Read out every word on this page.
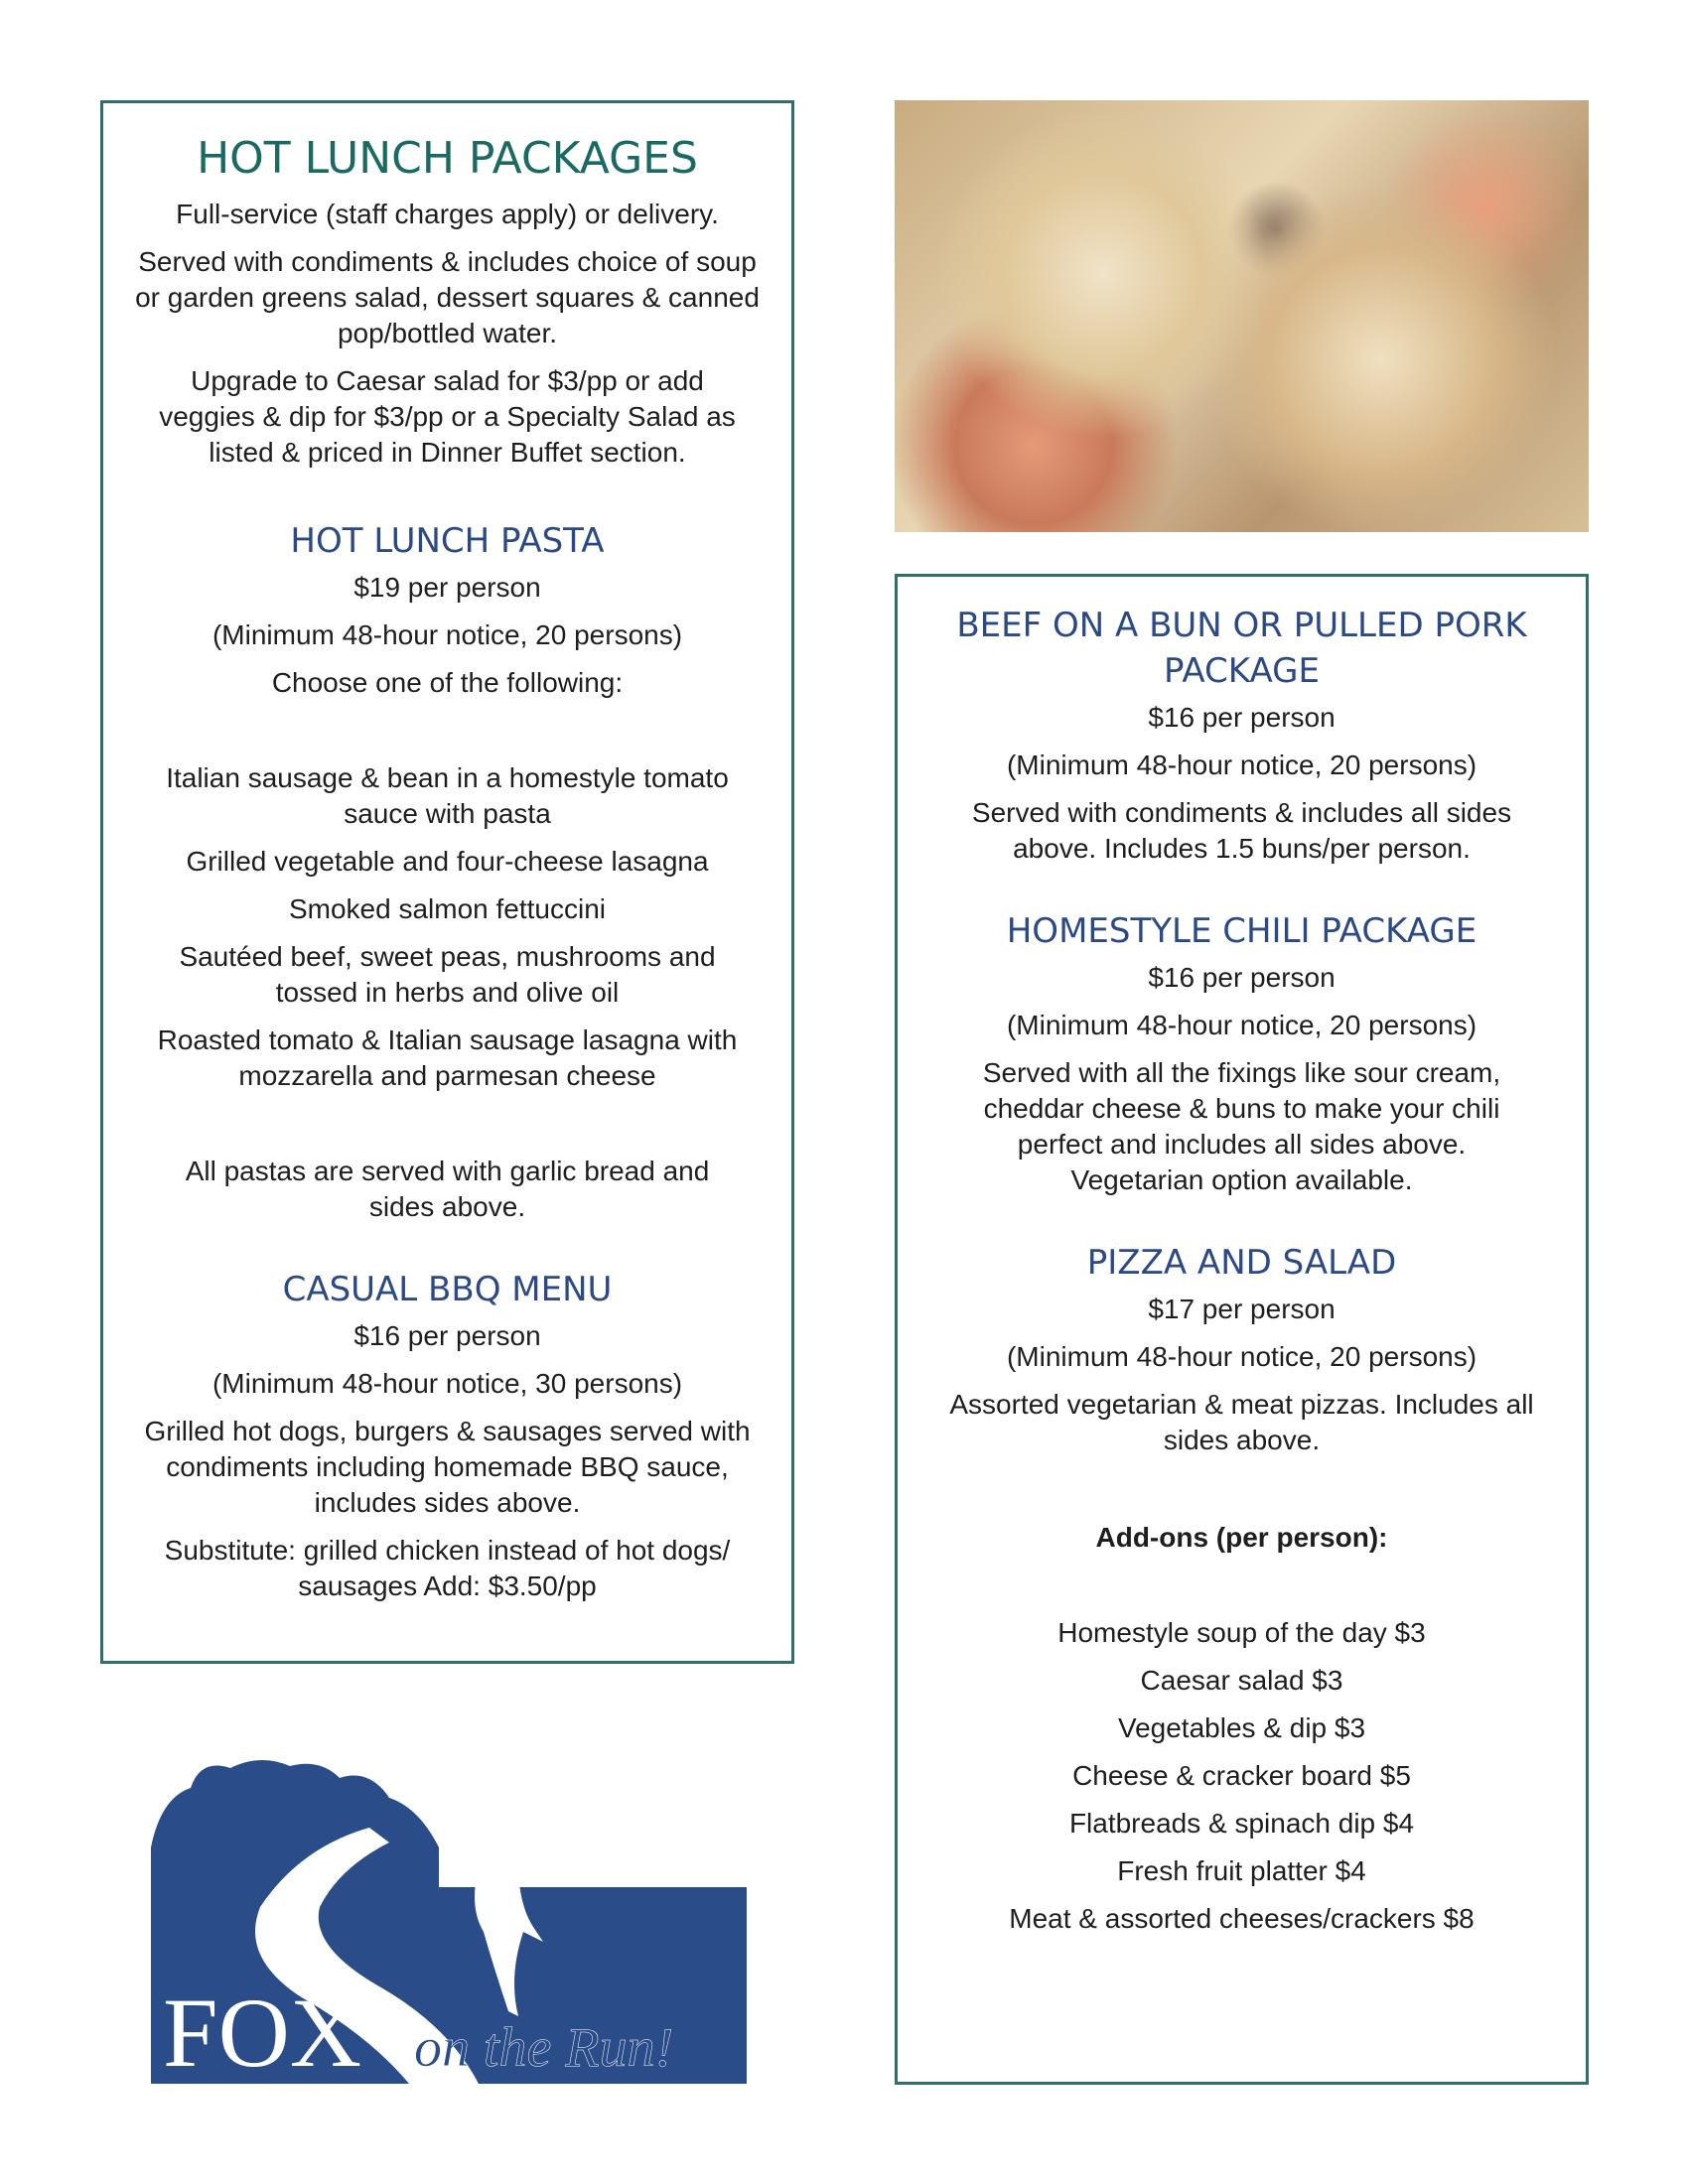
HOT LUNCH PACKAGES

Full-service (staff charges apply) or delivery.

Served with condiments & includes choice of soup or garden greens salad, dessert squares & canned pop/bottled water.

Upgrade to Caesar salad for $3/pp or add veggies & dip for $3/pp or a Specialty Salad as listed & priced in Dinner Buffet section.

HOT LUNCH PASTA

$19 per person

(Minimum 48-hour notice, 20 persons)

Choose one of the following:

Italian sausage & bean in a homestyle tomato sauce with pasta

Grilled vegetable and four-cheese lasagna

Smoked salmon fettuccini

Sautéed beef, sweet peas, mushrooms and tossed in herbs and olive oil

Roasted tomato & Italian sausage lasagna with mozzarella and parmesan cheese

All pastas are served with garlic bread and sides above.

CASUAL BBQ MENU

$16 per person

(Minimum 48-hour notice, 30 persons)

Grilled hot dogs, burgers & sausages served with condiments including homemade BBQ sauce, includes sides above.

Substitute: grilled chicken instead of hot dogs/ sausages Add: $3.50/pp

BEEF ON A BUN OR PULLED PORK PACKAGE

$16 per person

(Minimum 48-hour notice, 20 persons)

Served with condiments & includes all sides above. Includes 1.5 buns/per person.

HOMESTYLE CHILI PACKAGE

$16 per person

(Minimum 48-hour notice, 20 persons)

Served with all the fixings like sour cream, cheddar cheese & buns to make your chili perfect and includes all sides above. Vegetarian option available.

PIZZA AND SALAD

$17 per person

(Minimum 48-hour notice, 20 persons)

Assorted vegetarian & meat pizzas. Includes all sides above.

Add-ons (per person):

Homestyle soup of the day $3

Caesar salad $3

Vegetables & dip $3

Cheese & cracker board $5

Flatbreads & spinach dip $4

Fresh fruit platter $4

Meat & assorted cheeses/crackers $8

FOX on the Run!
